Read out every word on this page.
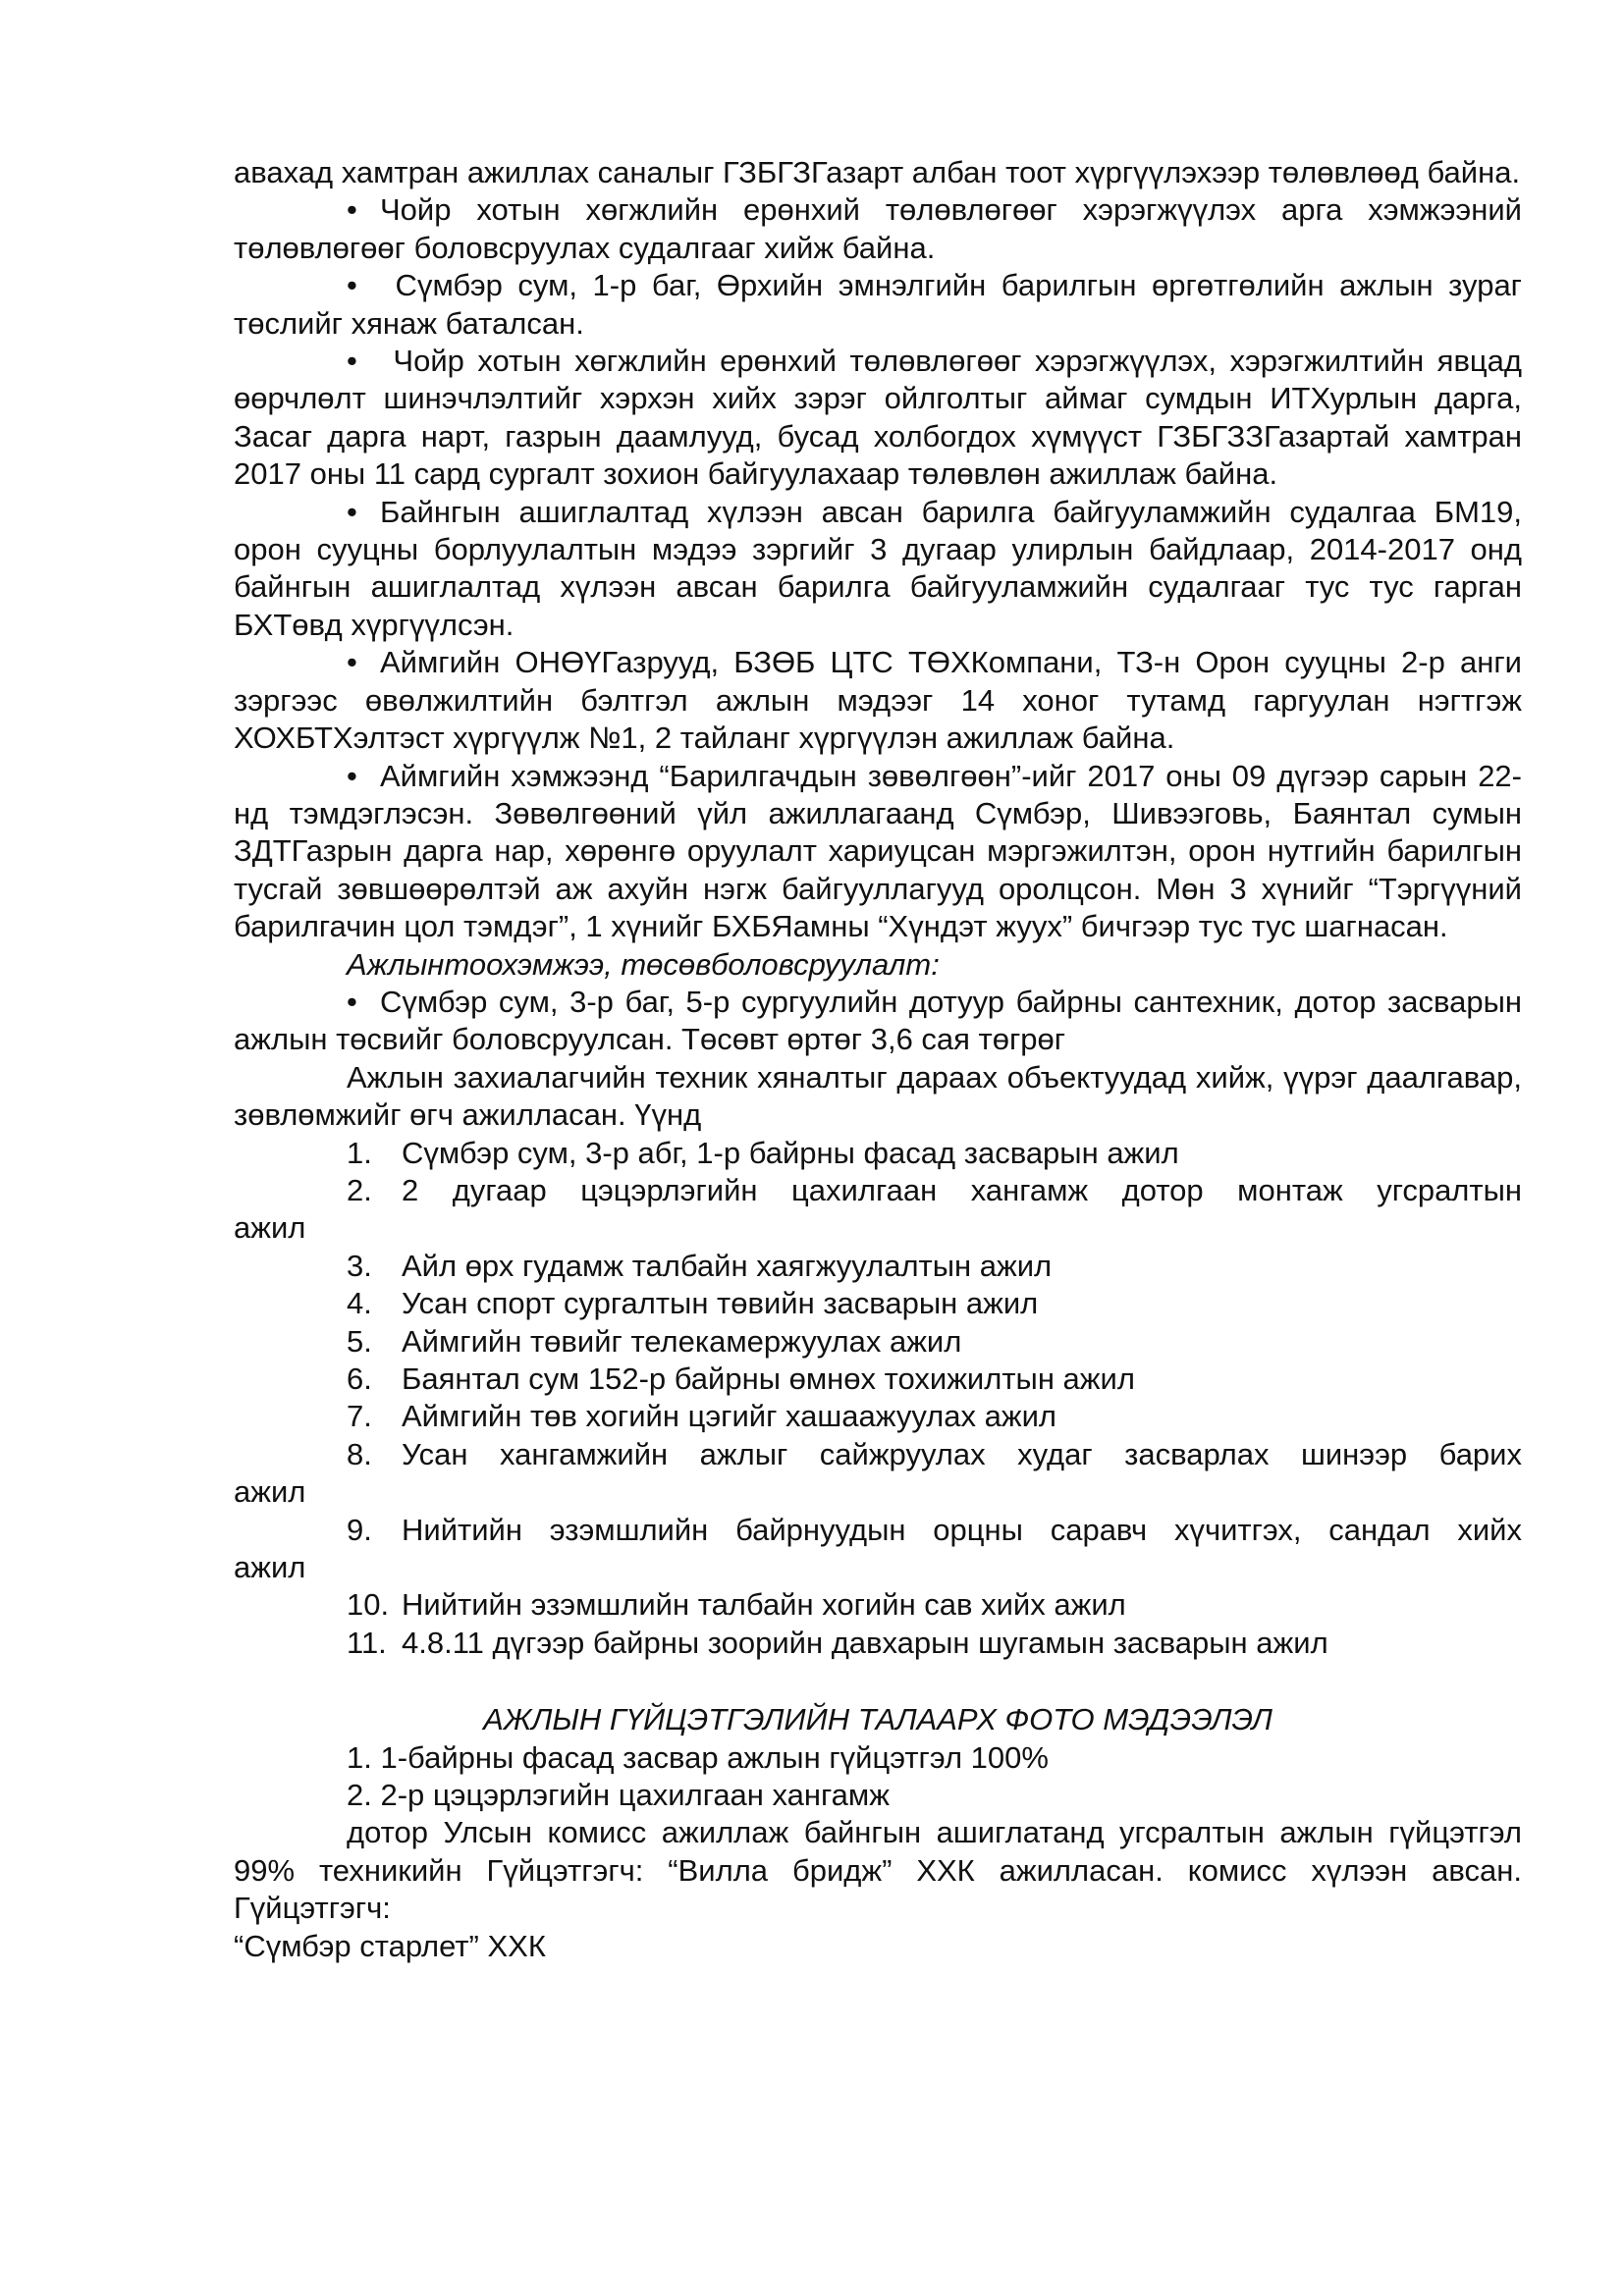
авахад хамтран ажиллах саналыг ГЗБГЗГазарт албан тоот хүргүүлэхээр төлөвлөөд байна.

• Чойр хотын хөгжлийн ерөнхий төлөвлөгөөг хэрэгжүүлэх арга хэмжээний төлөвлөгөөг боловсруулах судалгааг хийж байна.

• Сүмбэр сум, 1-р баг, Өрхийн эмнэлгийн барилгын өргөтгөлийн ажлын зураг төслийг хянаж баталсан.

• Чойр хотын хөгжлийн ерөнхий төлөвлөгөөг хэрэгжүүлэх, хэрэгжилтийн явцад өөрчлөлт шинэчлэлтийг хэрхэн хийх зэрэг ойлголтыг аймаг сумдын ИТХурлын дарга, Засаг дарга нарт, газрын даамлууд, бусад холбогдох хүмүүст ГЗБГЗЗГазартай хамтран 2017 оны 11 сард сургалт зохион байгуулахаар төлөвлөн ажиллаж байна.

• Байнгын ашиглалтад хүлээн авсан барилга байгууламжийн судалгаа БМ19, орон сууцны борлуулалтын мэдээ зэргийг 3 дугаар улирлын байдлаар, 2014-2017 онд байнгын ашиглалтад хүлээн авсан барилга байгууламжийн судалгааг тус тус гарган БХТөвд хүргүүлсэн.

• Аймгийн ОНӨҮГазрууд, БЗӨБ ЦТС ТӨХКомпани, ТЗ-н Орон сууцны 2-р анги зэргээс өвөлжилтийн бэлтгэл ажлын мэдээг 14 хоног тутамд гаргуулан нэгтгэж ХОХБТХэлтэст хүргүүлж №1, 2 тайланг хүргүүлэн ажиллаж байна.

• Аймгийн хэмжээнд “Барилгачдын зөвөлгөөн”-ийг 2017 оны 09 дүгээр сарын 22-нд тэмдэглэсэн. Зөвөлгөөний үйл ажиллагаанд Сүмбэр, Шивээговь, Баянтал сумын ЗДТГазрын дарга нар, хөрөнгө оруулалт хариуцсан мэргэжилтэн, орон нутгийн барилгын тусгай зөвшөөрөлтэй аж ахуйн нэгж байгууллагууд оролцсон. Мөн 3 хүнийг “Тэргүүний барилгачин цол тэмдэг”, 1 хүнийг БХБЯамны “Хүндэт жуух” бичгээр тус тус шагнасан.

Ажлынтоохэмжээ, төсөвболовсруулалт:

• Сүмбэр сум, 3-р баг, 5-р сургуулийн дотуур байрны сантехник, дотор засварын ажлын төсвийг боловсруулсан. Төсөвт өртөг 3,6 сая төгрөг

Ажлын захиалагчийн техник хяналтыг дараах объектуудад хийж, үүрэг даалгавар, зөвлөмжийг өгч ажилласан. Үүнд

1. Сүмбэр сум, 3-р абг, 1-р байрны фасад засварын ажил
2. 2 дугаар цэцэрлэгийн цахилгаан хангамж дотор монтаж угсралтын
ажил
3. Айл өрх гудамж талбайн хаягжуулалтын ажил
4. Усан спорт сургалтын төвийн засварын ажил
5. Аймгийн төвийг телекамержуулах ажил
6. Баянтал сум 152-р байрны өмнөх тохижилтын ажил
7. Аймгийн төв хогийн цэгийг хашаажуулах ажил
8. Усан хангамжийн ажлыг сайжруулах худаг засварлах шинээр барих
ажил
9. Нийтийн эзэмшлийн байрнуудын орцны саравч хүчитгэх, сандал хийх
ажил
10. Нийтийн эзэмшлийн талбайн хогийн сав хийх ажил
11. 4.8.11 дүгээр байрны зоорийн давхарын шугамын засварын ажил

АЖЛЫН ГҮЙЦЭТГЭЛИЙН ТАЛААРХ ФОТО МЭДЭЭЛЭЛ

1. 1-байрны фасад засвар ажлын гүйцэтгэл 100%

2. 2-р цэцэрлэгийн цахилгаан хангамж

дотор Улсын комисс ажиллаж байнгын ашиглатанд угсралтын ажлын гүйцэтгэл 99% техникийн Гүйцэтгэгч: “Вилла бридж” ХХК ажилласан. комисс хүлээн авсан. Гүйцэтгэгч:

“Сүмбэр старлет” ХХК
